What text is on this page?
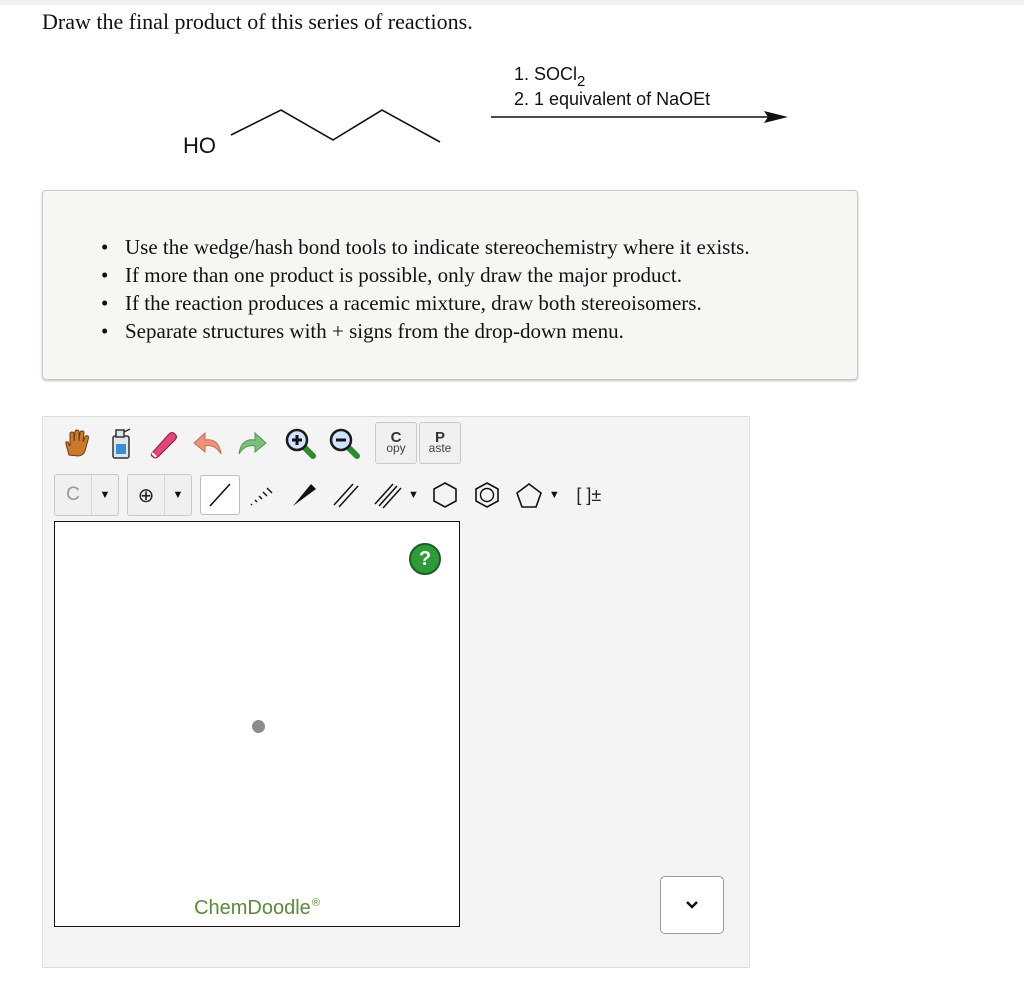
Draw the final product of this series of reactions.

HO
1. SOCl$_2$
2. 1 equivalent of NaOEt
• Use the wedge/hash bond tools to indicate stereochemistry where it exists.
• If more than one product is possible, only draw the major product.
• If the reaction produces a racemic mixture, draw both stereoisomers.
• Separate structures with + signs from the drop-down menu.
C
opy
P
aste
C	▼	⊕	▼	▼	▼ [ ]±
?
ChemDoodle®
